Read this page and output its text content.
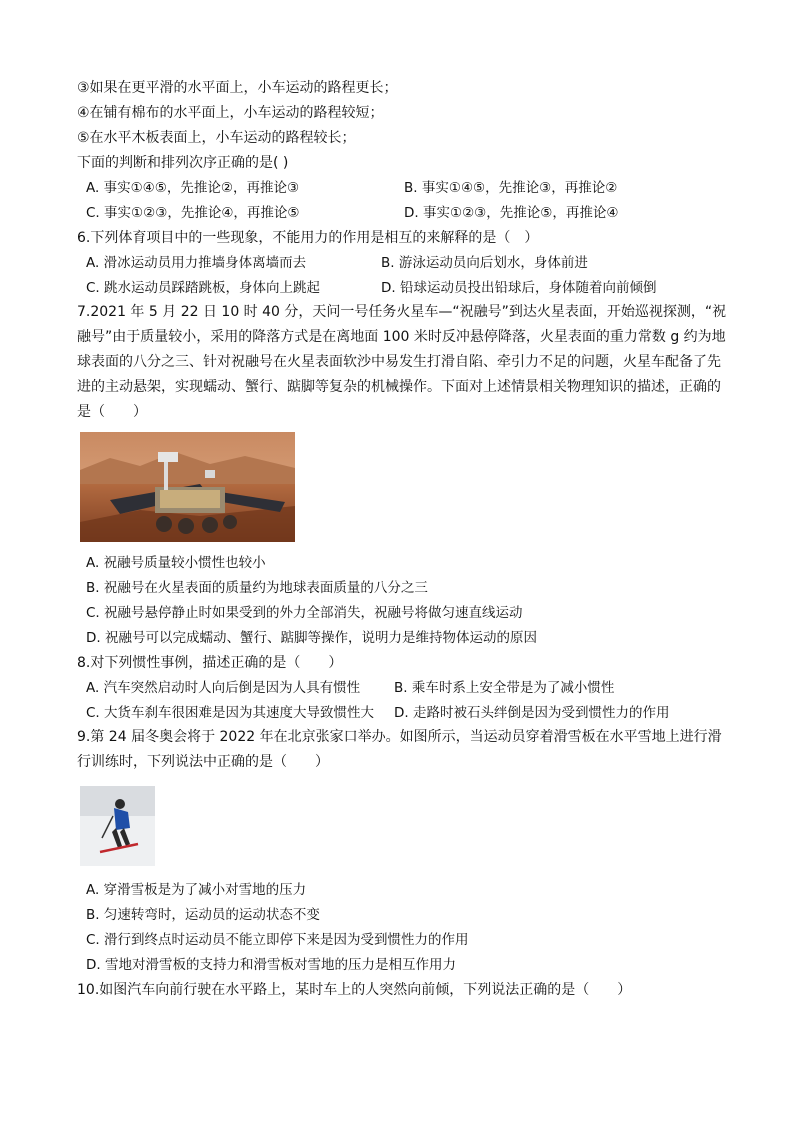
③如果在更平滑的水平面上，小车运动的路程更长；
④在铺有棉布的水平面上，小车运动的路程较短；
⑤在水平木板表面上，小车运动的路程较长；
下面的判断和排列次序正确的是( )
A. 事实①④⑤，先推论②，再推论③	B. 事实①④⑤，先推论③，再推论②
C. 事实①②③，先推论④，再推论⑤	D. 事实①②③，先推论⑤，再推论④
6.下列体育项目中的一些现象，不能用力的作用是相互的来解释的是（　）
A. 滑冰运动员用力推墙身体离墙而去	B. 游泳运动员向后划水，身体前进
C. 跳水运动员踩踏跳板，身体向上跳起	D. 铅球运动员投出铅球后，身体随着向前倾倒
7.2021 年 5 月 22 日 10 时 40 分，天问一号任务火星车—“祝融号”到达火星表面，开始巡视探测，“祝融号”由于质量较小，采用的降落方式是在离地面 100 米时反冲悬停降落，火星表面的重力常数 g 约为地球表面的八分之三、针对祝融号在火星表面软沙中易发生打滑自陷、牵引力不足的问题，火星车配备了先进的主动悬架，实现蠕动、蟹行、踮脚等复杂的机械操作。下面对上述情景相关物理知识的描述，正确的是（　　）
A. 祝融号质量较小惯性也较小
B. 祝融号在火星表面的质量约为地球表面质量的八分之三
C. 祝融号悬停静止时如果受到的外力全部消失，祝融号将做匀速直线运动
D. 祝融号可以完成蠕动、蟹行、踮脚等操作，说明力是维持物体运动的原因
8.对下列惯性事例，描述正确的是（　　）
A. 汽车突然启动时人向后倒是因为人具有惯性	B. 乘车时系上安全带是为了减小惯性
C. 大货车刹车很困难是因为其速度大导致惯性大 D. 走路时被石头绊倒是因为受到惯性力的作用
9.第 24 届冬奥会将于 2022 年在北京张家口举办。如图所示，当运动员穿着滑雪板在水平雪地上进行滑行训练时，下列说法中正确的是（　　）
A. 穿滑雪板是为了减小对雪地的压力
B. 匀速转弯时，运动员的运动状态不变
C. 滑行到终点时运动员不能立即停下来是因为受到惯性力的作用
D. 雪地对滑雪板的支持力和滑雪板对雪地的压力是相互作用力
10.如图汽车向前行驶在水平路上，某时车上的人突然向前倾，下列说法正确的是（　　）
